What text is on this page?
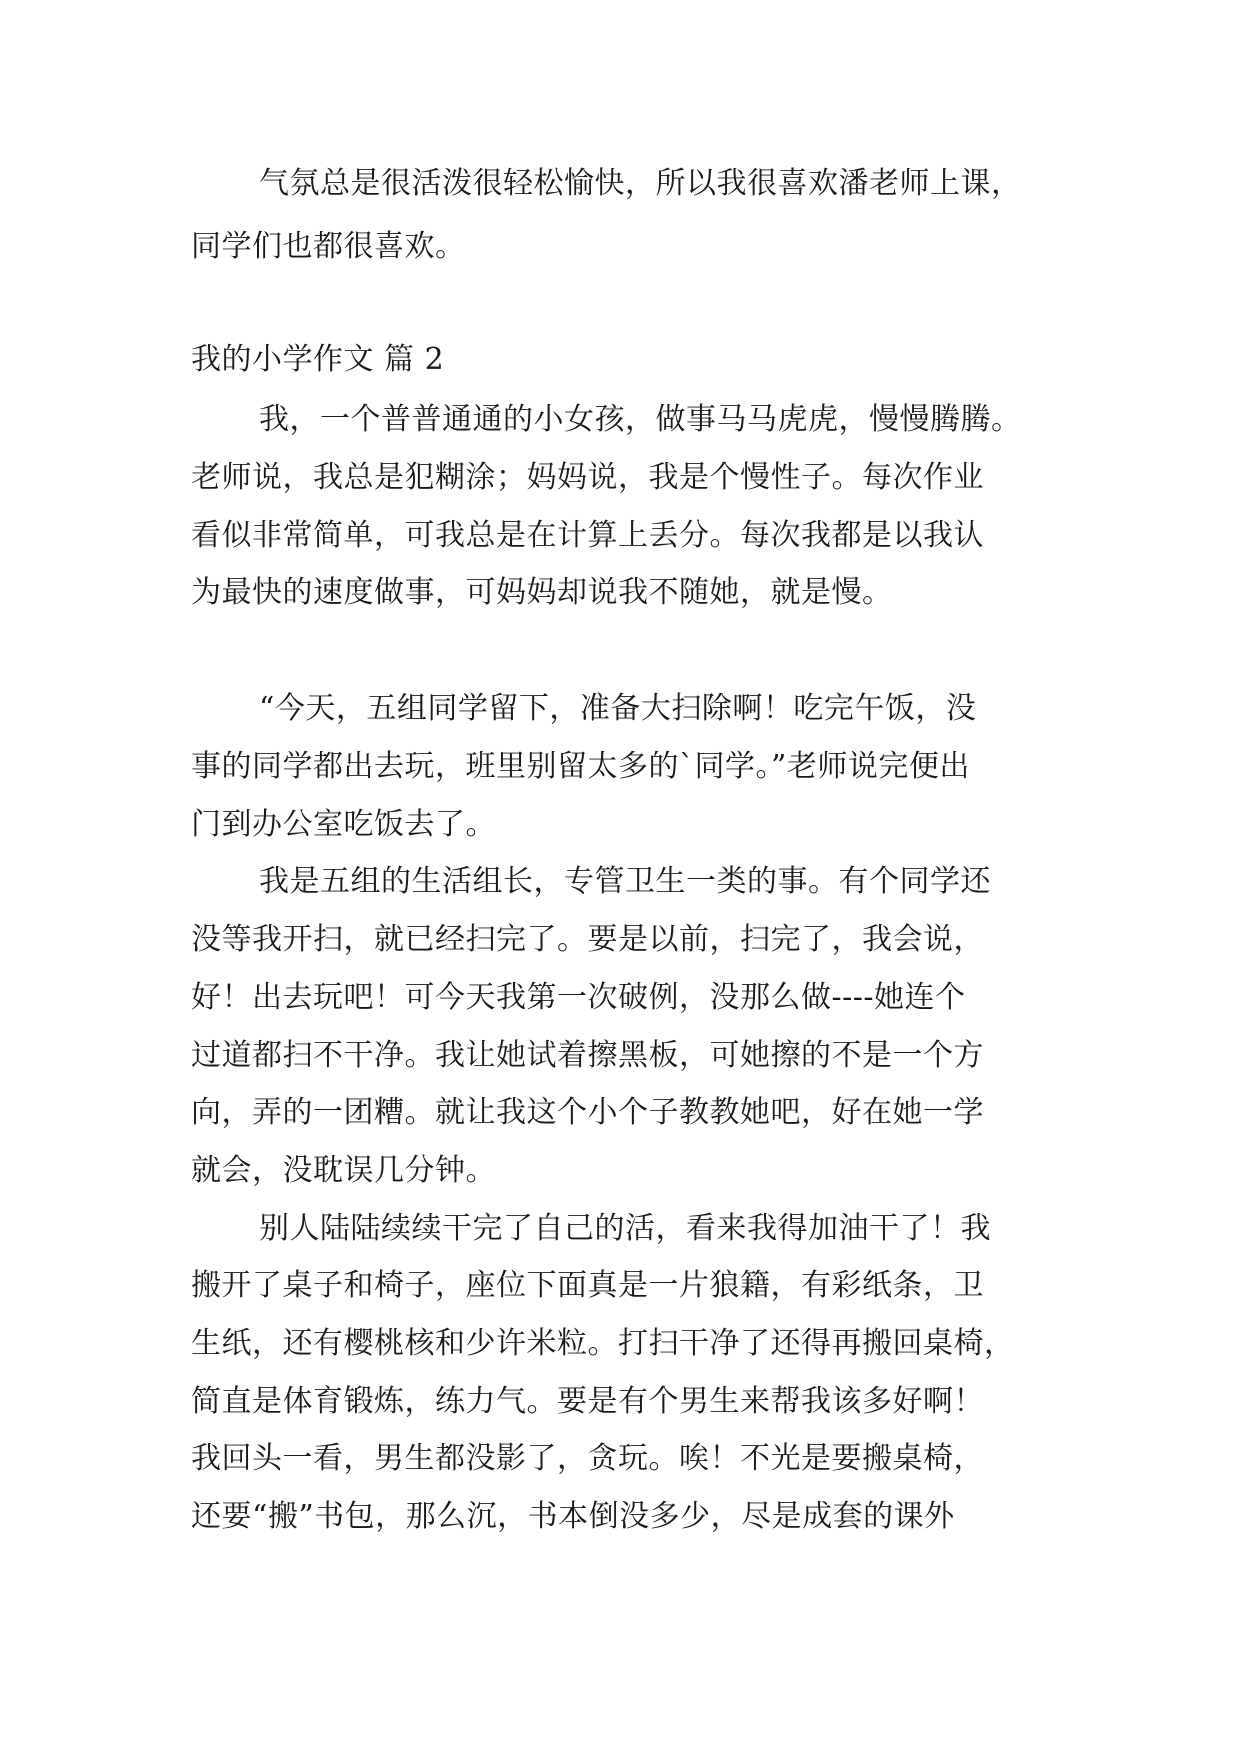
气氛总是很活泼很轻松愉快，所以我很喜欢潘老师上课，
同学们也都很喜欢。
我的小学作文 篇 2
我，一个普普通通的小女孩，做事马马虎虎，慢慢腾腾。
老师说，我总是犯糊涂；妈妈说，我是个慢性子。每次作业
看似非常简单，可我总是在计算上丢分。每次我都是以我认
为最快的速度做事，可妈妈却说我不随她，就是慢。
“今天，五组同学留下，准备大扫除啊！吃完午饭，没
事的同学都出去玩，班里别留太多的`同学。”老师说完便出
门到办公室吃饭去了。
我是五组的生活组长，专管卫生一类的事。有个同学还
没等我开扫，就已经扫完了。要是以前，扫完了，我会说，
好！出去玩吧！可今天我第一次破例，没那么做----她连个
过道都扫不干净。我让她试着擦黑板，可她擦的不是一个方
向，弄的一团糟。就让我这个小个子教教她吧，好在她一学
就会，没耽误几分钟。
别人陆陆续续干完了自己的活，看来我得加油干了！我
搬开了桌子和椅子，座位下面真是一片狼籍，有彩纸条，卫
生纸，还有樱桃核和少许米粒。打扫干净了还得再搬回桌椅，
简直是体育锻炼，练力气。要是有个男生来帮我该多好啊！
我回头一看，男生都没影了，贪玩。唉！不光是要搬桌椅，
还要“搬”书包，那么沉，书本倒没多少，尽是成套的课外
